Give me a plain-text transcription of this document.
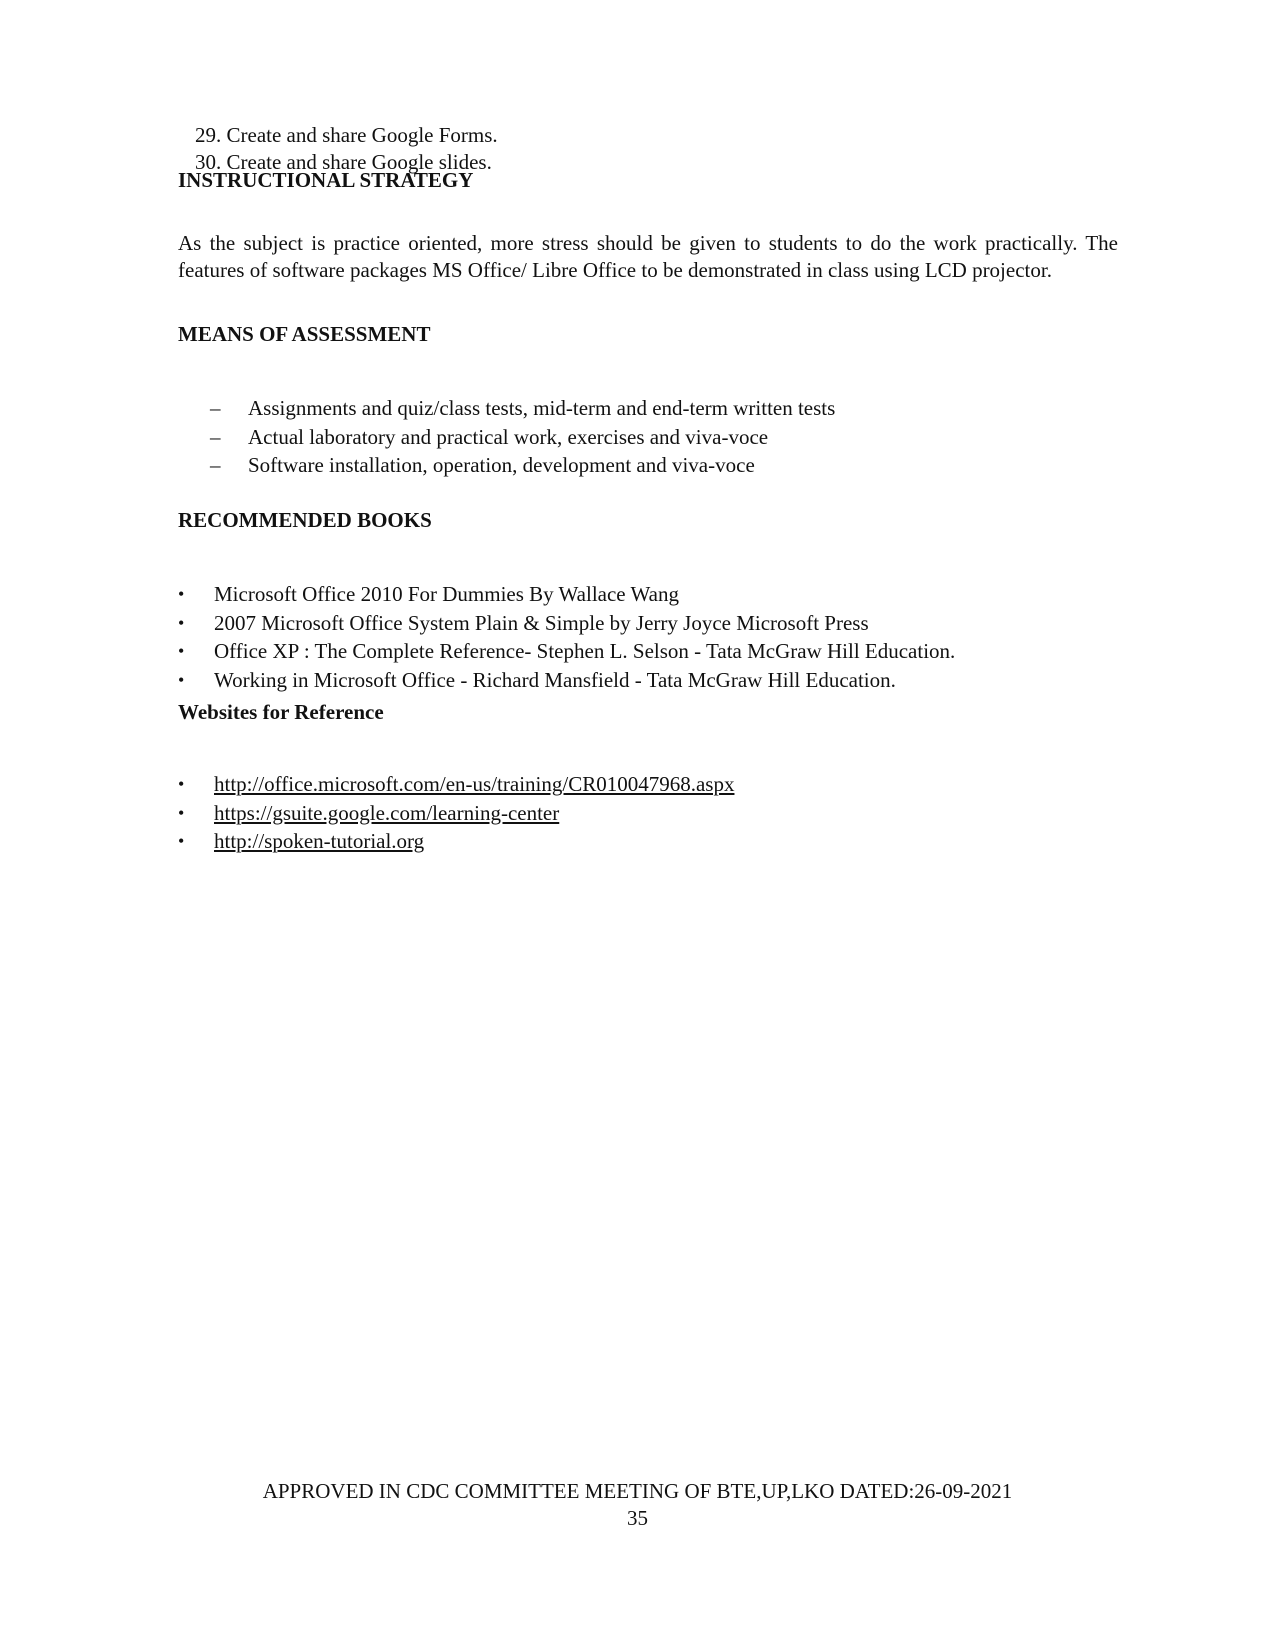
29. Create and share Google Forms.
30. Create and share Google slides.
INSTRUCTIONAL STRATEGY

As the subject is practice oriented, more stress should be given to students to do the work practically. The features of software packages MS Office/ Libre Office to be demonstrated in class using LCD projector.

MEANS OF ASSESSMENT
–	Assignments and quiz/class tests, mid-term and end-term written tests
–	Actual laboratory and practical work, exercises and viva-voce
–	Software installation, operation, development and viva-voce
RECOMMENDED BOOKS
•	Microsoft Office 2010 For Dummies By Wallace Wang
•	2007 Microsoft Office System Plain & Simple by Jerry Joyce Microsoft Press
•	Office XP : The Complete Reference- Stephen L. Selson - Tata McGraw Hill Education.
•	Working in Microsoft Office - Richard Mansfield - Tata McGraw Hill Education.
Websites for Reference
•	http://office.microsoft.com/en-us/training/CR010047968.aspx
•	https://gsuite.google.com/learning-center
•	http://spoken-tutorial.org
APPROVED IN CDC COMMITTEE MEETING OF BTE,UP,LKO DATED:26-09-2021
35
